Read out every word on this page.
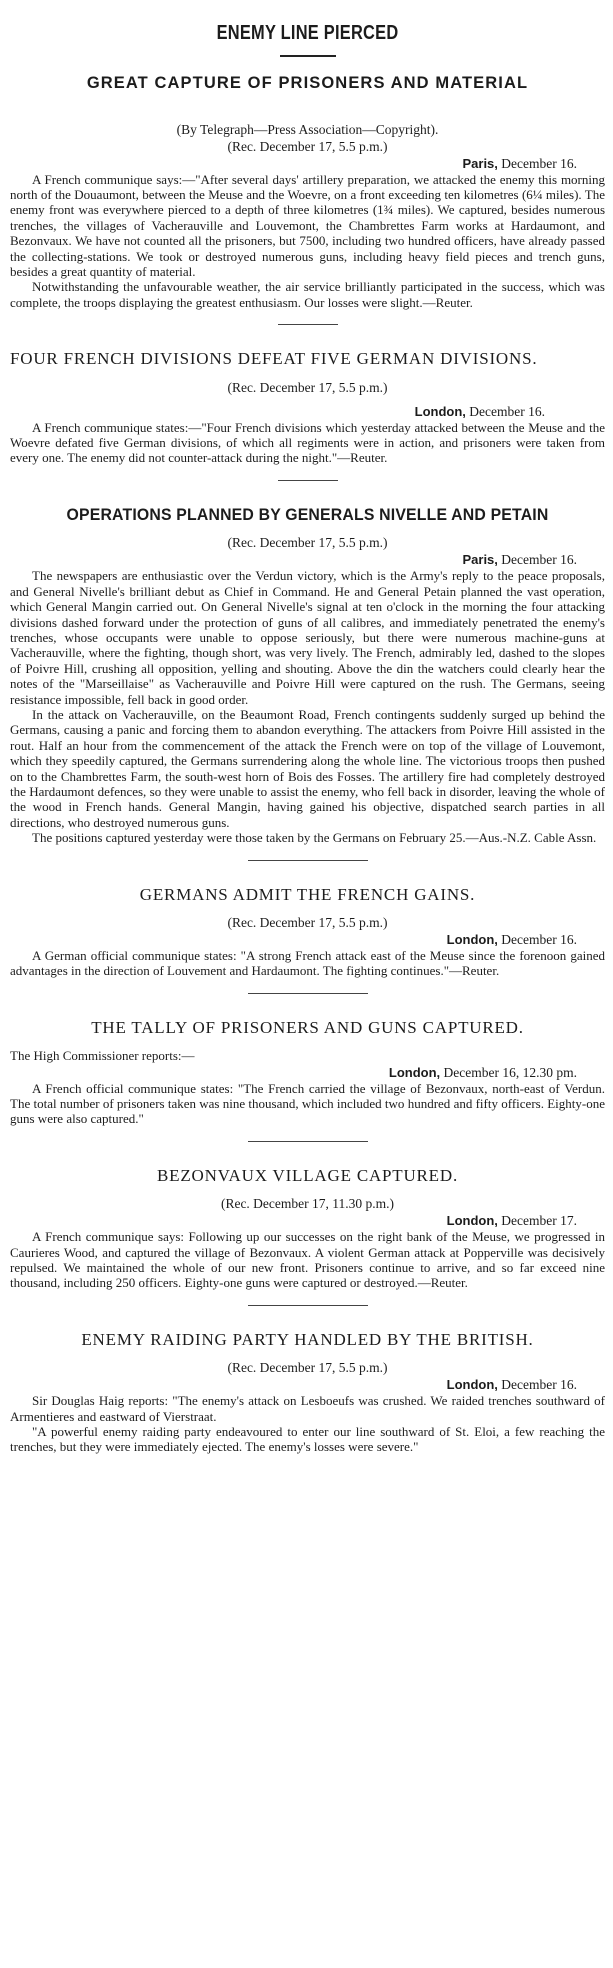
ENEMY LINE PIERCED
GREAT CAPTURE OF PRISONERS AND MATERIAL
(By Telegraph—Press Association—Copyright).
(Rec. December 17, 5.5 p.m.)
Paris, December 16.

A French communique says:—"After several days' artillery preparation, we attacked the enemy this morning north of the Douaumont, between the Meuse and the Woevre, on a front exceeding ten kilometres (6¼ miles). The enemy front was everywhere pierced to a depth of three kilometres (1¾ miles). We captured, besides numerous trenches, the villages of Vacherauville and Louvemont, the Chambrettes Farm works at Hardaumont, and Bezonvaux. We have not counted all the prisoners, but 7500, including two hundred officers, have already passed the collecting-stations. We took or destroyed numerous guns, including heavy field pieces and trench guns, besides a great quantity of material.

Notwithstanding the unfavourable weather, the air service brilliantly participated in the success, which was complete, the troops displaying the greatest enthusiasm. Our losses were slight.—Reuter.

FOUR FRENCH DIVISIONS DEFEAT FIVE GERMAN DIVISIONS.
(Rec. December 17, 5.5 p.m.)
London, December 16.

A French communique states:—"Four French divisions which yesterday attacked between the Meuse and the Woevre defated five German divisions, of which all regiments were in action, and prisoners were taken from every one. The enemy did not counter-attack during the night."—Reuter.

OPERATIONS PLANNED BY GENERALS NIVELLE AND PETAIN
(Rec. December 17, 5.5 p.m.)
Paris, December 16.

The newspapers are enthusiastic over the Verdun victory, which is the Army's reply to the peace proposals, and General Nivelle's brilliant debut as Chief in Command. He and General Petain planned the vast operation, which General Mangin carried out. On General Nivelle's signal at ten o'clock in the morning the four attacking divisions dashed forward under the protection of guns of all calibres, and immediately penetrated the enemy's trenches, whose occupants were unable to oppose seriously, but there were numerous machine-guns at Vacherauville, where the fighting, though short, was very lively. The French, admirably led, dashed to the slopes of Poivre Hill, crushing all opposition, yelling and shouting. Above the din the watchers could clearly hear the notes of the "Marseillaise" as Vacherauville and Poivre Hill were captured on the rush. The Germans, seeing resistance impossible, fell back in good order.

In the attack on Vacherauville, on the Beaumont Road, French contingents suddenly surged up behind the Germans, causing a panic and forcing them to abandon everything. The attackers from Poivre Hill assisted in the rout. Half an hour from the commencement of the attack the French were on top of the village of Louvemont, which they speedily captured, the Germans surrendering along the whole line. The victorious troops then pushed on to the Chambrettes Farm, the south-west horn of Bois des Fosses. The artillery fire had completely destroyed the Hardaumont defences, so they were unable to assist the enemy, who fell back in disorder, leaving the whole of the wood in French hands. General Mangin, having gained his objective, dispatched search parties in all directions, who destroyed numerous guns.

The positions captured yesterday were those taken by the Germans on February 25.—Aus.-N.Z. Cable Assn.

GERMANS ADMIT THE FRENCH GAINS.
(Rec. December 17, 5.5 p.m.)
London, December 16.

A German official communique states: "A strong French attack east of the Meuse since the forenoon gained advantages in the direction of Louvement and Hardaumont. The fighting continues."—Reuter.

THE TALLY OF PRISONERS AND GUNS CAPTURED.

The High Commissioner reports:—

London, December 16, 12.30 pm.

A French official communique states: "The French carried the village of Bezonvaux, north-east of Verdun. The total number of prisoners taken was nine thousand, which included two hundred and fifty officers. Eighty-one guns were also captured."

BEZONVAUX VILLAGE CAPTURED.
(Rec. December 17, 11.30 p.m.)
London, December 17.

A French communique says: Following up our successes on the right bank of the Meuse, we progressed in Caurieres Wood, and captured the village of Bezonvaux. A violent German attack at Popperville was decisively repulsed. We maintained the whole of our new front. Prisoners continue to arrive, and so far exceed nine thousand, including 250 officers. Eighty-one guns were captured or destroyed.—Reuter.

ENEMY RAIDING PARTY HANDLED BY THE BRITISH.
(Rec. December 17, 5.5 p.m.)
London, December 16.

Sir Douglas Haig reports: "The enemy's attack on Lesboeufs was crushed. We raided trenches southward of Armentieres and eastward of Vierstraat.

"A powerful enemy raiding party endeavoured to enter our line southward of St. Eloi, a few reaching the trenches, but they were immediately ejected. The enemy's losses were severe."
